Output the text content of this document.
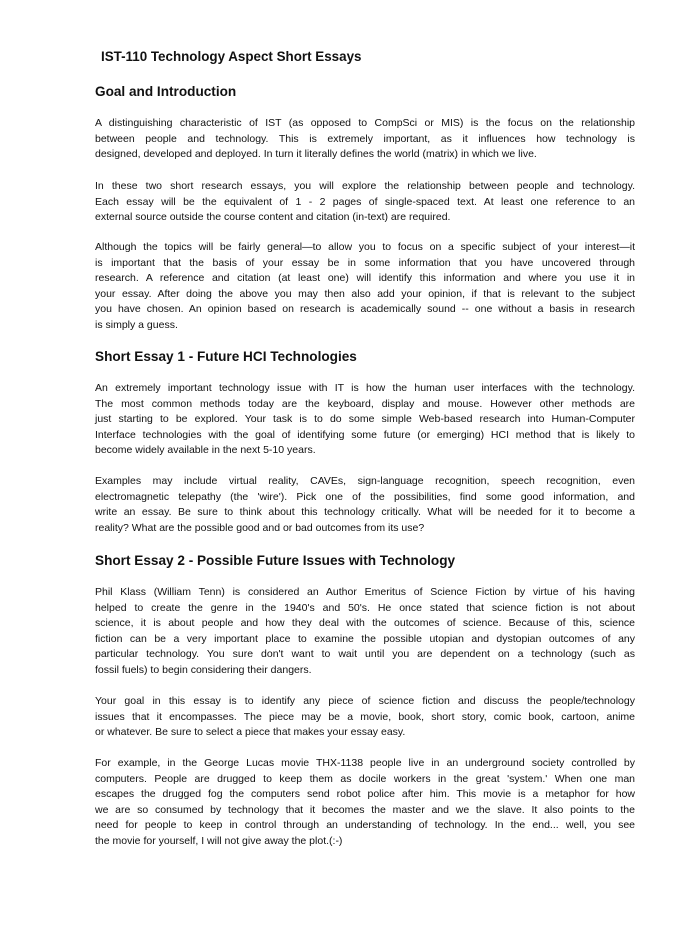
IST-110 Technology Aspect Short Essays
Goal and Introduction

A distinguishing characteristic of IST (as opposed to CompSci or MIS) is the focus on the relationship
between people and technology. This is extremely important, as it influences how technology is
designed, developed and deployed. In turn it literally defines the world (matrix) in which we live.

In these two short research essays, you will explore the relationship between people and technology.
Each essay will be the equivalent of 1 - 2 pages of single-spaced text. At least one reference to an
external source outside the course content and citation (in-text) are required.

Although the topics will be fairly general—to allow you to focus on a specific subject of your interest—it
is important that the basis of your essay be in some information that you have uncovered through
research. A reference and citation (at least one) will identify this information and where you use it in
your essay. After doing the above you may then also add your opinion, if that is relevant to the subject
you have chosen. An opinion based on research is academically sound -- one without a basis in research
is simply a guess.

Short Essay 1 - Future HCI Technologies

An extremely important technology issue with IT is how the human user interfaces with the technology.
The most common methods today are the keyboard, display and mouse. However other methods are
just starting to be explored. Your task is to do some simple Web-based research into Human-Computer
Interface technologies with the goal of identifying some future (or emerging) HCI method that is likely to
become widely available in the next 5-10 years.

Examples may include virtual reality, CAVEs, sign-language recognition, speech recognition, even
electromagnetic telepathy (the 'wire'). Pick one of the possibilities, find some good information, and
write an essay. Be sure to think about this technology critically. What will be needed for it to become a
reality? What are the possible good and or bad outcomes from its use?

Short Essay 2 - Possible Future Issues with Technology

Phil Klass (William Tenn) is considered an Author Emeritus of Science Fiction by virtue of his having
helped to create the genre in the 1940's and 50's. He once stated that science fiction is not about
science, it is about people and how they deal with the outcomes of science. Because of this, science
fiction can be a very important place to examine the possible utopian and dystopian outcomes of any
particular technology. You sure don't want to wait until you are dependent on a technology (such as
fossil fuels) to begin considering their dangers.

Your goal in this essay is to identify any piece of science fiction and discuss the people/technology
issues that it encompasses. The piece may be a movie, book, short story, comic book, cartoon, anime
or whatever. Be sure to select a piece that makes your essay easy.

For example, in the George Lucas movie THX-1138 people live in an underground society controlled by
computers. People are drugged to keep them as docile workers in the great 'system.' When one man
escapes the drugged fog the computers send robot police after him. This movie is a metaphor for how
we are so consumed by technology that it becomes the master and we the slave. It also points to the
need for people to keep in control through an understanding of technology. In the end... well, you see
the movie for yourself, I will not give away the plot.(:-)
